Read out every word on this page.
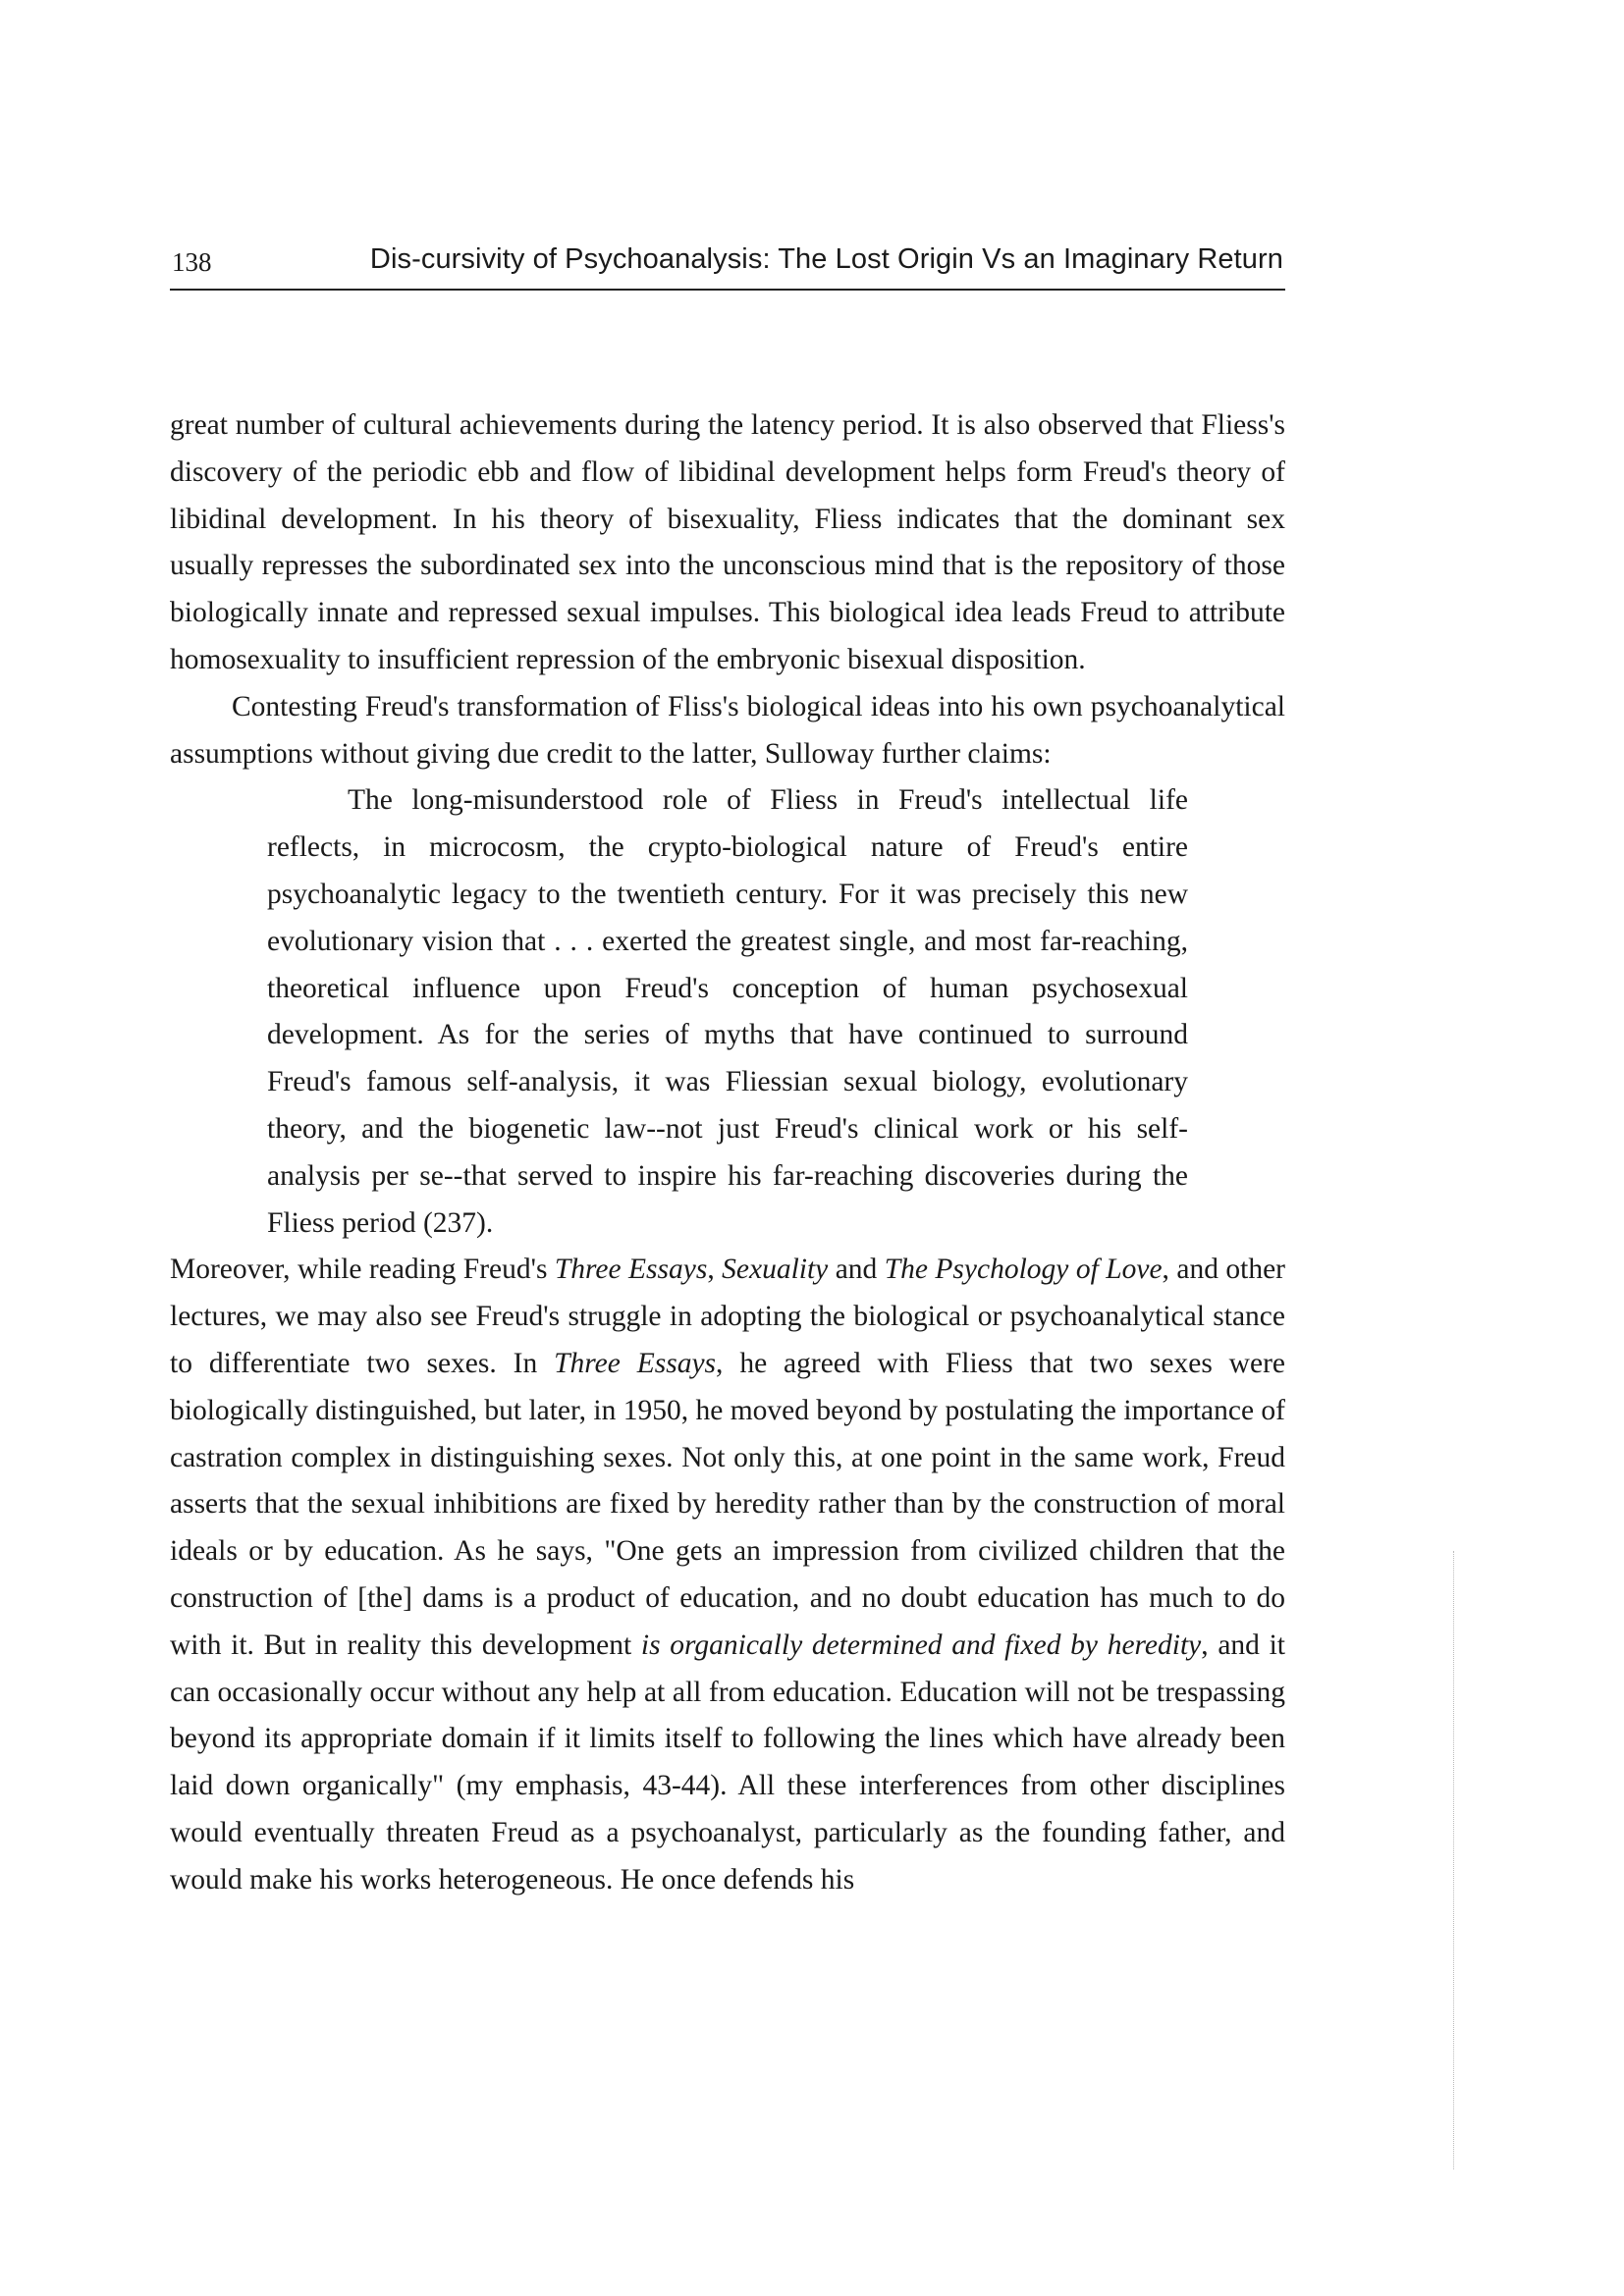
138	Dis-cursivity of Psychoanalysis: The Lost Origin Vs an Imaginary Return

great number of cultural achievements during the latency period. It is also observed that Fliess's discovery of the periodic ebb and flow of libidinal development helps form Freud's theory of libidinal development. In his theory of bisexuality, Fliess indicates that the dominant sex usually represses the subordinated sex into the unconscious mind that is the repository of those biologically innate and repressed sexual impulses. This biological idea leads Freud to attribute homosexuality to insufficient repression of the embryonic bisexual disposition.

Contesting Freud's transformation of Fliss's biological ideas into his own psychoanalytical assumptions without giving due credit to the latter, Sulloway further claims:

The long-misunderstood role of Fliess in Freud's intellectual life reflects, in microcosm, the crypto-biological nature of Freud's entire psychoanalytic legacy to the twentieth century. For it was precisely this new evolutionary vision that . . . exerted the greatest single, and most far-reaching, theoretical influence upon Freud's conception of human psychosexual development. As for the series of myths that have continued to surround Freud's famous self-analysis, it was Fliessian sexual biology, evolutionary theory, and the biogenetic law--not just Freud's clinical work or his self-analysis per se--that served to inspire his far-reaching discoveries during the Fliess period (237).

Moreover, while reading Freud's Three Essays, Sexuality and The Psychology of Love, and other lectures, we may also see Freud's struggle in adopting the biological or psychoanalytical stance to differentiate two sexes. In Three Essays, he agreed with Fliess that two sexes were biologically distinguished, but later, in 1950, he moved beyond by postulating the importance of castration complex in distinguishing sexes. Not only this, at one point in the same work, Freud asserts that the sexual inhibitions are fixed by heredity rather than by the construction of moral ideals or by education. As he says, "One gets an impression from civilized children that the construction of [the] dams is a product of education, and no doubt education has much to do with it. But in reality this development is organically determined and fixed by heredity, and it can occasionally occur without any help at all from education. Education will not be trespassing beyond its appropriate domain if it limits itself to following the lines which have already been laid down organically" (my emphasis, 43-44). All these interferences from other disciplines would eventually threaten Freud as a psychoanalyst, particularly as the founding father, and would make his works heterogeneous. He once defends his
